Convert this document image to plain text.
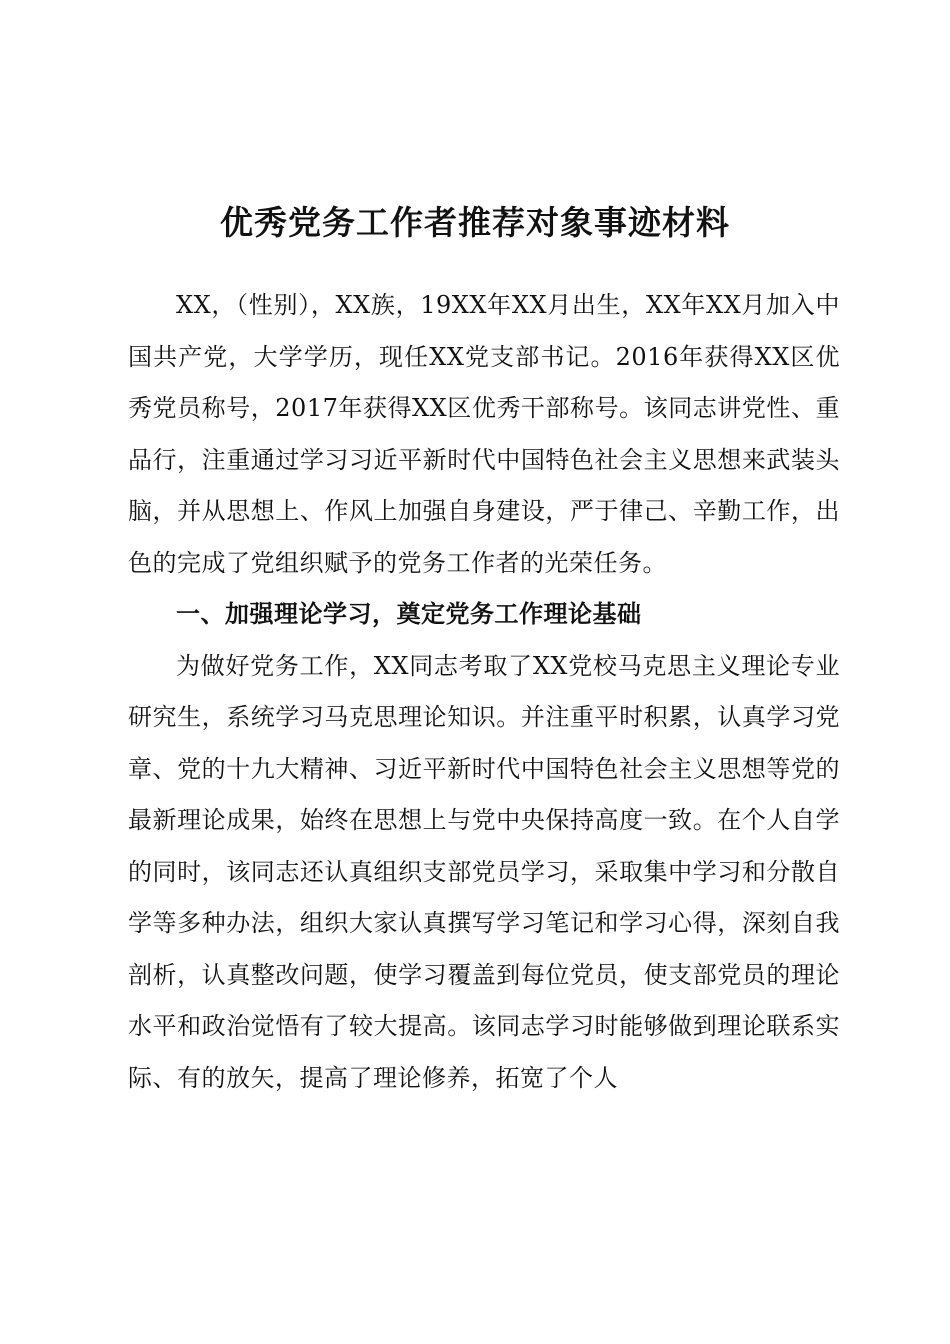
优秀党务工作者推荐对象事迹材料

XX，（性别），XX族，19XX年XX月出生，XX年XX月加入中国共产党，大学学历，现任XX党支部书记。2016年获得XX区优秀党员称号，2017年获得XX区优秀干部称号。该同志讲党性、重品行，注重通过学习习近平新时代中国特色社会主义思想来武装头脑，并从思想上、作风上加强自身建设，严于律己、辛勤工作，出色的完成了党组织赋予的党务工作者的光荣任务。

一、加强理论学习，奠定党务工作理论基础

为做好党务工作，XX同志考取了XX党校马克思主义理论专业研究生，系统学习马克思理论知识。并注重平时积累，认真学习党章、党的十九大精神、习近平新时代中国特色社会主义思想等党的最新理论成果，始终在思想上与党中央保持高度一致。在个人自学的同时，该同志还认真组织支部党员学习，采取集中学习和分散自学等多种办法，组织大家认真撰写学习笔记和学习心得，深刻自我剖析，认真整改问题，使学习覆盖到每位党员，使支部党员的理论水平和政治觉悟有了较大提高。该同志学习时能够做到理论联系实际、有的放矢，提高了理论修养，拓宽了个人
